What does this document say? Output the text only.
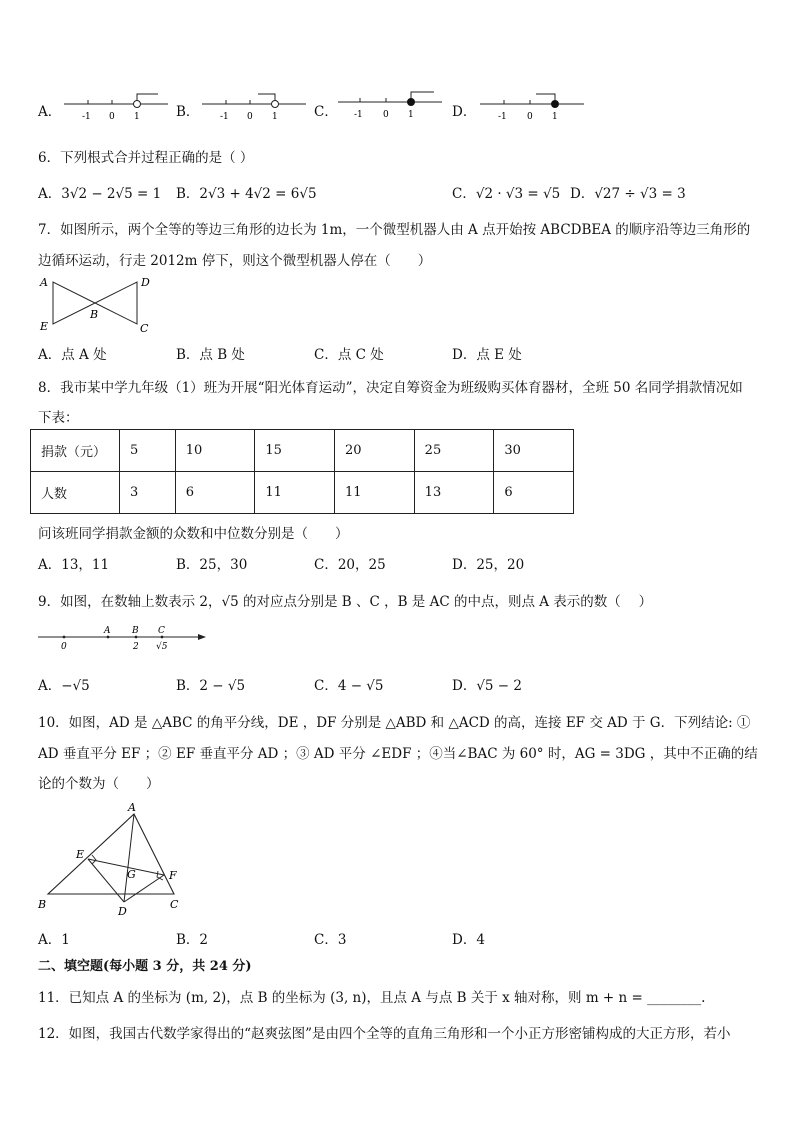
A． -1 0 1	B． -1 0 1	C． -1 0 1	D． -1 0 1
6．下列根式合并过程正确的是（ ）
A．3√2 − 2√5 = 1 B．2√3 + 4√2 = 6√5	C．√2 · √3 = √5 D．√27 ÷ √3 = 3
7．如图所示，两个全等的等边三角形的边长为 1m，一个微型机器人由 A 点开始按 ABCDBEA 的顺序沿等边三角形的
边循环运动，行走 2012m 停下，则这个微型机器人停在（　　）
A	D
B
E	C
A．点 A 处	B．点 B 处	C．点 C 处	D．点 E 处
8．我市某中学九年级（1）班为开展“阳光体育运动”，决定自筹资金为班级购买体育器材，全班 50 名同学捐款情况如
下表：
捐款（元）	5	10	15	20	25	30
人数	3	6	11	11	13	6
问该班同学捐款金额的众数和中位数分别是（　　）
A．13，11	B．25，30	C．20，25	D．25，20
9．如图，在数轴上数表示 2，√5 的对应点分别是 B 、C ，B 是 AC 的中点，则点 A 表示的数（　 ）
A B C
0	2 √5
A．−√5	B．2 − √5	C．4 − √5	D．√5 − 2
10．如图，AD 是 △ABC 的角平分线，DE ，DF 分别是 △ABD 和 △ACD 的高，连接 EF 交 AD 于 G．下列结论: ①
AD 垂直平分 EF ；② EF 垂直平分 AD ；③ AD 平分 ∠EDF ；④当∠BAC 为 60° 时，AG = 3DG ，其中不正确的结
论的个数为（　　）
A
E
G	F
B
D
C
A．1	B．2	C．3	D．4
二、填空题(每小题 3 分，共 24 分)
11．已知点 A 的坐标为 (m, 2)，点 B 的坐标为 (3, n)，且点 A 与点 B 关于 x 轴对称，则 m + n = ________.
12．如图，我国古代数学家得出的“赵爽弦图”是由四个全等的直角三角形和一个小正方形密铺构成的大正方形，若小
